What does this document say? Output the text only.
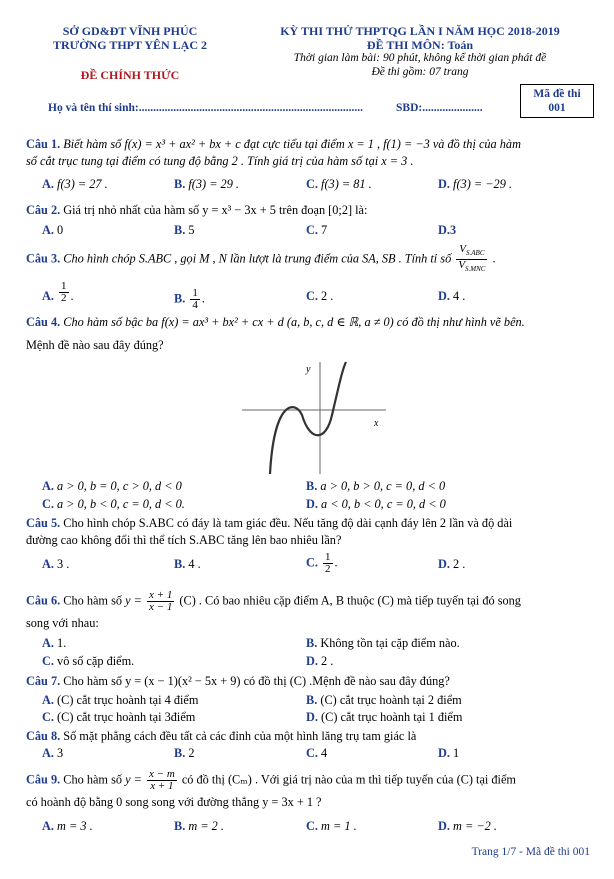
SỞ GD&ĐT VĨNH PHÚC
TRƯỜNG THPT YÊN LẠC 2
ĐỀ CHÍNH THỨC
KỲ THI THỬ THPTQG LẦN I NĂM HỌC 2018-2019
ĐỀ THI MÔN: Toán
Thời gian làm bài: 90 phút, không kể thời gian phát đề
Đề thi gồm: 07 trang
Mã đề thi
001
Họ và tên thí sinh:..............................................................................	SBD:.....................
Câu 1. Biết hàm số f(x) = x³ + ax² + bx + c đạt cực tiểu tại điểm x = 1 , f(1) = −3 và đồ thị của hàm
số cắt trục tung tại điểm có tung độ bằng 2 . Tính giá trị của hàm số tại x = 3 .
A. f(3) = 27 .	B. f(3) = 29 .	C. f(3) = 81 .	D. f(3) = −29 .
Câu 2. Giá trị nhỏ nhất của hàm số y = x³ − 3x + 5 trên đoạn [0;2] là:
A. 0	B. 5	C. 7	D.3
Câu 3. Cho hình chóp S.ABC , gọi M , N lần lượt là trung điểm của SA, SB . Tính tỉ số $\frac{V_{S.ABC}}{V_{S.MNC}}$ .
A. $\frac{1}{2}$ .	B. $\frac{1}{4}$ .	C. 2 .	D. 4 .
Câu 4. Cho hàm số bậc ba f(x) = ax³ + bx² + cx + d (a, b, c, d ∈ ℝ, a ≠ 0) có đồ thị như hình vẽ bên.
Mệnh đề nào sau đây đúng?
y
x
A. a > 0, b = 0, c > 0, d < 0	B. a > 0, b > 0, c = 0, d < 0
C. a > 0, b < 0, c = 0, d < 0.	D. a < 0, b < 0, c = 0, d < 0
Câu 5. Cho hình chóp S.ABC có đáy là tam giác đều. Nếu tăng độ dài cạnh đáy lên 2 lần và độ dài
đường cao không đổi thì thể tích S.ABC tăng lên bao nhiêu lần?
A. 3 .	B. 4 .	C. $\frac{1}{2}$ .	D. 2 .
Câu 6. Cho hàm số $y = \frac{x + 1}{x - 1} (C)$ . Có bao nhiêu cặp điểm A, B thuộc (C) mà tiếp tuyến tại đó song
song với nhau:
A. 1.	B. Không tồn tại cặp điểm nào.
C. vô số cặp điểm.	D. 2 .
Câu 7. Cho hàm số y = (x − 1)(x² − 5x + 9) có đồ thị (C) .Mệnh đề nào sau đây đúng?
A. (C) cắt trục hoành tại 4 điểm	B. (C) cắt trục hoành tại 2 điểm
C. (C) cắt trục hoành tại 3điểm	D. (C) cắt trục hoành tại 1 điểm
Câu 8. Số mặt phẳng cách đều tất cả các đỉnh của một hình lăng trụ tam giác là
A. 3	B. 2	C. 4	D. 1
Câu 9. Cho hàm số $y = \frac{x - m}{x + 1}$ có đồ thị (Cₘ) . Với giá trị nào của m thì tiếp tuyến của (C) tại điểm
có hoành độ bằng 0 song song với đường thẳng y = 3x + 1 ?
A. m = 3 .	B. m = 2 .	C. m = 1 .	D. m = −2 .
Trang 1/7 - Mã đề thi 001
